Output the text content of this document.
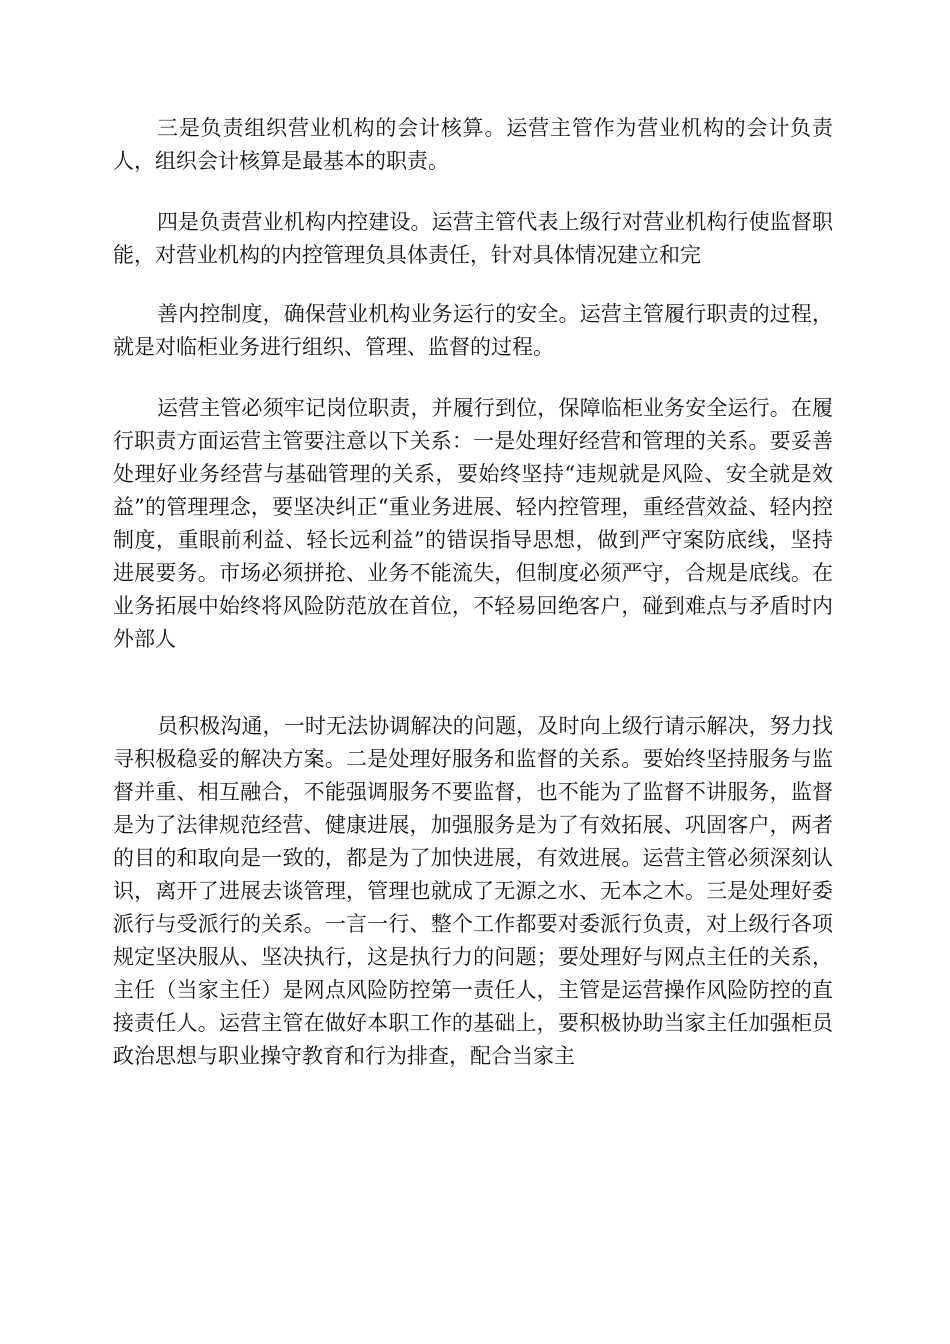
三是负责组织营业机构的会计核算。运营主管作为营业机构的会计负责人，组织会计核算是最基本的职责。

四是负责营业机构内控建设。运营主管代表上级行对营业机构行使监督职能，对营业机构的内控管理负具体责任，针对具体情况建立和完

善内控制度，确保营业机构业务运行的安全。运营主管履行职责的过程，就是对临柜业务进行组织、管理、监督的过程。

运营主管必须牢记岗位职责，并履行到位，保障临柜业务安全运行。在履行职责方面运营主管要注意以下关系：一是处理好经营和管理的关系。要妥善处理好业务经营与基础管理的关系，要始终坚持“违规就是风险、安全就是效益”的管理理念，要坚决纠正“重业务进展、轻内控管理，重经营效益、轻内控制度，重眼前利益、轻长远利益”的错误指导思想，做到严守案防底线，坚持进展要务。市场必须拼抢、业务不能流失，但制度必须严守，合规是底线。在业务拓展中始终将风险防范放在首位，不轻易回绝客户，碰到难点与矛盾时内外部人

员积极沟通，一时无法协调解决的问题，及时向上级行请示解决，努力找寻积极稳妥的解决方案。二是处理好服务和监督的关系。要始终坚持服务与监督并重、相互融合，不能强调服务不要监督，也不能为了监督不讲服务，监督是为了法律规范经营、健康进展，加强服务是为了有效拓展、巩固客户，两者的目的和取向是一致的，都是为了加快进展，有效进展。运营主管必须深刻认识，离开了进展去谈管理，管理也就成了无源之水、无本之木。三是处理好委派行与受派行的关系。一言一行、整个工作都要对委派行负责，对上级行各项规定坚决服从、坚决执行，这是执行力的问题；要处理好与网点主任的关系，主任（当家主任）是网点风险防控第一责任人，主管是运营操作风险防控的直接责任人。运营主管在做好本职工作的基础上，要积极协助当家主任加强柜员政治思想与职业操守教育和行为排查，配合当家主
